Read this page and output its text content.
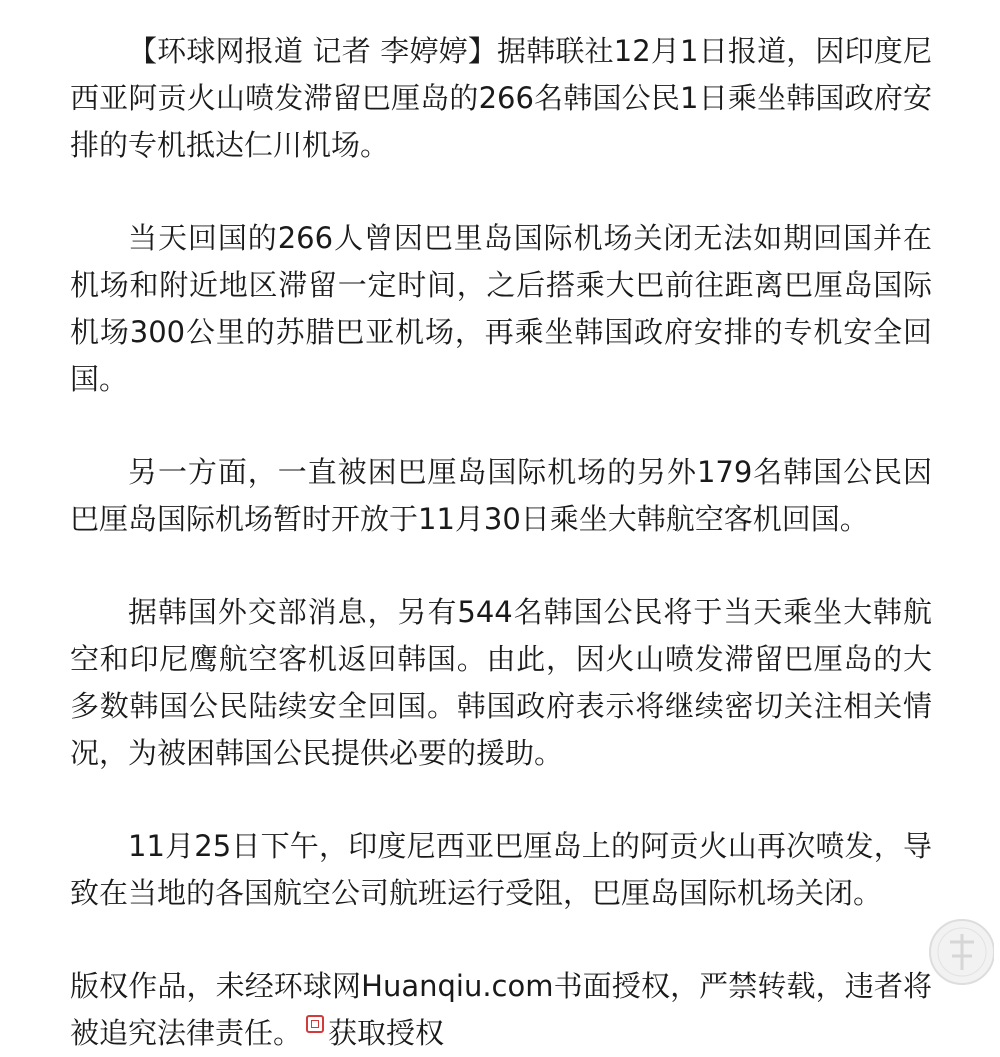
【环球网报道 记者 李婷婷】据韩联社12月1日报道，因印度尼西亚阿贡火山喷发滞留巴厘岛的266名韩国公民1日乘坐韩国政府安排的专机抵达仁川机场。

当天回国的266人曾因巴里岛国际机场关闭无法如期回国并在机场和附近地区滞留一定时间，之后搭乘大巴前往距离巴厘岛国际机场300公里的苏腊巴亚机场，再乘坐韩国政府安排的专机安全回国。

另一方面，一直被困巴厘岛国际机场的另外179名韩国公民因巴厘岛国际机场暂时开放于11月30日乘坐大韩航空客机回国。

据韩国外交部消息，另有544名韩国公民将于当天乘坐大韩航空和印尼鹰航空客机返回韩国。由此，因火山喷发滞留巴厘岛的大多数韩国公民陆续安全回国。韩国政府表示将继续密切关注相关情况，为被困韩国公民提供必要的援助。

11月25日下午，印度尼西亚巴厘岛上的阿贡火山再次喷发，导致在当地的各国航空公司航班运行受阻，巴厘岛国际机场关闭。

版权作品，未经环球网Huanqiu.com书面授权，严禁转载，违者将被追究法律责任。 获取授权
